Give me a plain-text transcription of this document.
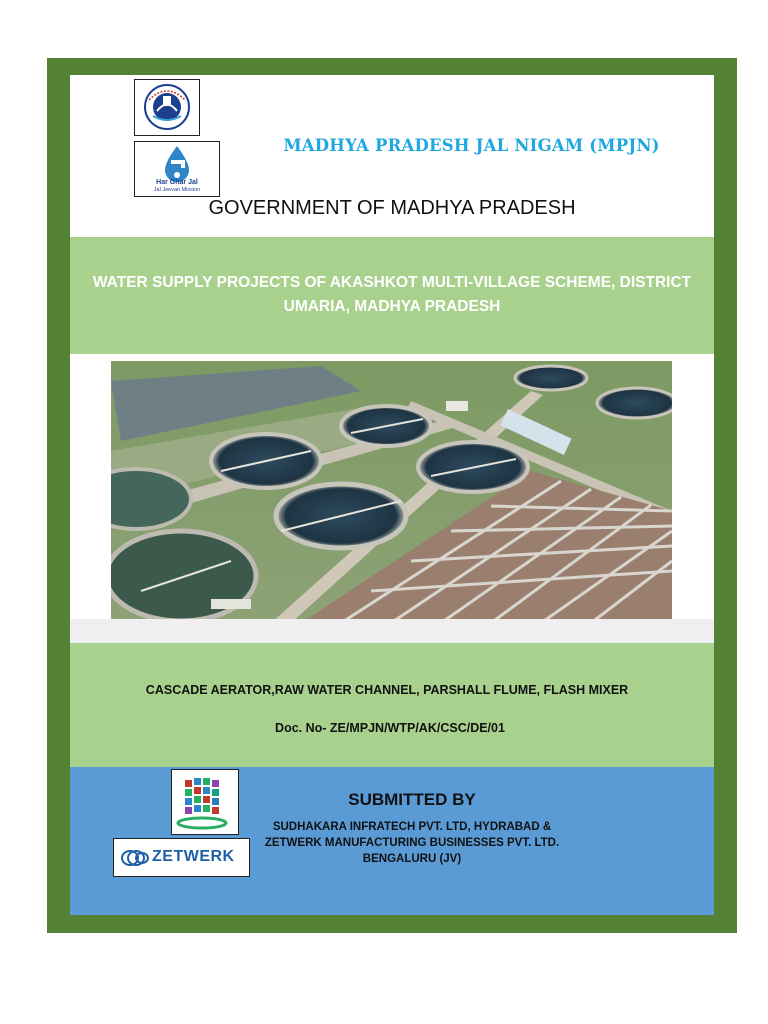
Har Ghar Jal
Jal Jeevan Mission
MADHYA PRADESH JAL NIGAM (MPJN)
GOVERNMENT OF MADHYA PRADESH
WATER SUPPLY PROJECTS OF AKASHKOT MULTI-VILLAGE SCHEME, DISTRICT
UMARIA, MADHYA PRADESH
CASCADE AERATOR,RAW WATER CHANNEL, PARSHALL FLUME, FLASH MIXER
Doc. No- ZE/MPJN/WTP/AK/CSC/DE/01
ZETWERK
SUBMITTED BY
SUDHAKARA INFRATECH PVT. LTD, HYDRABAD &
ZETWERK MANUFACTURING BUSINESSES PVT. LTD.
BENGALURU (JV)
